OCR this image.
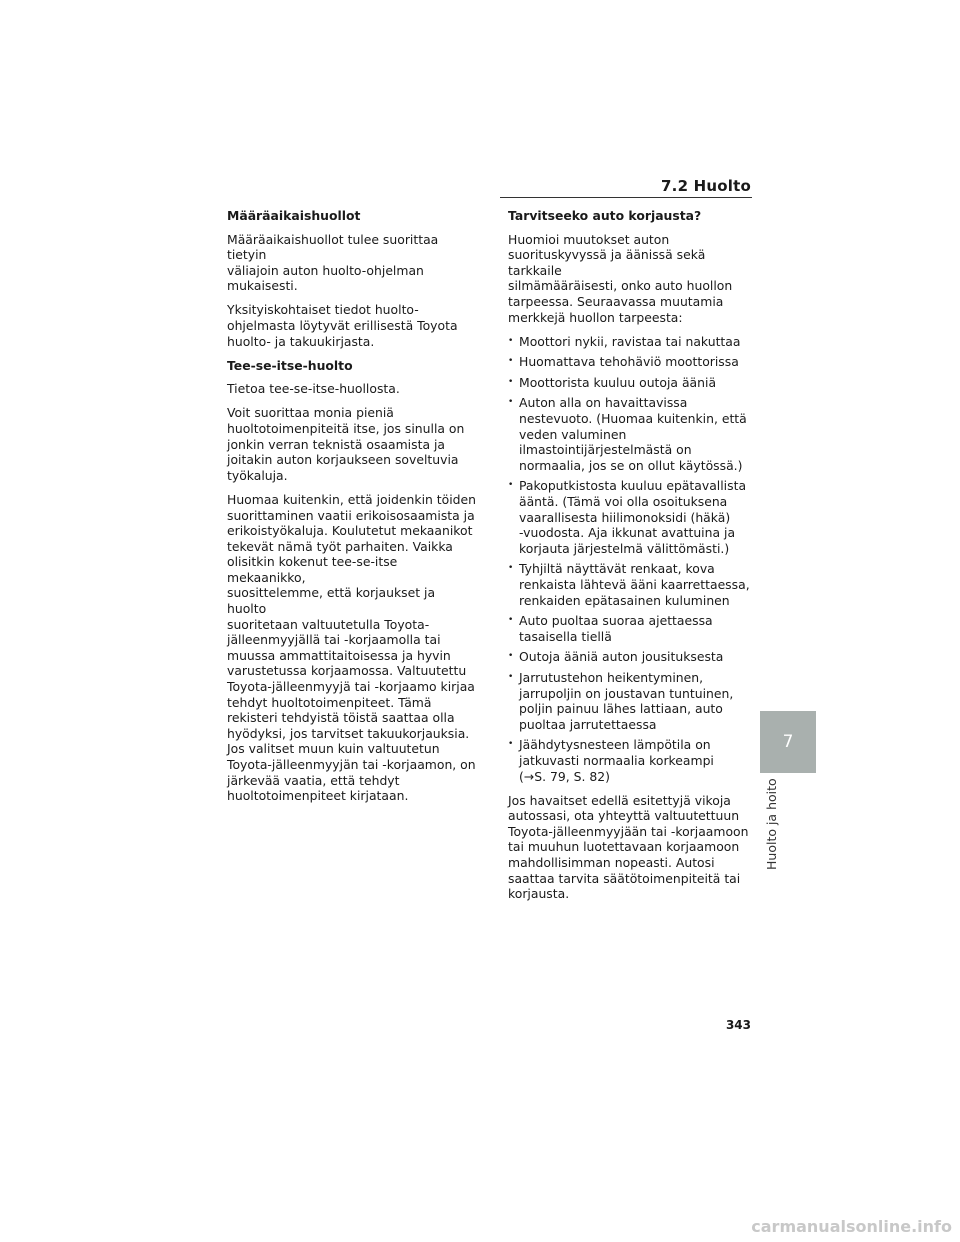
7.2 Huolto
Määräaikaishuollot

Määräaikaishuollot tulee suorittaa tietyin
väliajoin auton huolto-ohjelman
mukaisesti.

Yksityiskohtaiset tiedot huolto-
ohjelmasta löytyvät erillisestä Toyota
huolto- ja takuukirjasta.

Tee-se-itse-huolto

Tietoa tee-se-itse-huollosta.

Voit suorittaa monia pieniä
huoltotoimenpiteitä itse, jos sinulla on
jonkin verran teknistä osaamista ja
joitakin auton korjaukseen soveltuvia
työkaluja.

Huomaa kuitenkin, että joidenkin töiden
suorittaminen vaatii erikoisosaamista ja
erikoistyökaluja. Koulutetut mekaanikot
tekevät nämä työt parhaiten. Vaikka
olisitkin kokenut tee-se-itse mekaanikko,
suosittelemme, että korjaukset ja huolto
suoritetaan valtuutetulla Toyota-
jälleenmyyjällä tai -korjaamolla tai
muussa ammattitaitoisessa ja hyvin
varustetussa korjaamossa. Valtuutettu
Toyota-jälleenmyyjä tai -korjaamo kirjaa
tehdyt huoltotoimenpiteet. Tämä
rekisteri tehdyistä töistä saattaa olla
hyödyksi, jos tarvitset takuukorjauksia.
Jos valitset muun kuin valtuutetun
Toyota-jälleenmyyjän tai -korjaamon, on
järkevää vaatia, että tehdyt
huoltotoimenpiteet kirjataan.

Tarvitseeko auto korjausta?

Huomioi muutokset auton
suorituskyvyssä ja äänissä sekä tarkkaile
silmämääräisesti, onko auto huollon
tarpeessa. Seuraavassa muutamia
merkkejä huollon tarpeesta:

• Moottori nykii, ravistaa tai nakuttaa
• Huomattava tehohäviö moottorissa
• Moottorista kuuluu outoja ääniä
• Auton alla on havaittavissa
nestevuoto. (Huomaa kuitenkin, että
veden valuminen
ilmastointijärjestelmästä on
normaalia, jos se on ollut käytössä.)
• Pakoputkistosta kuuluu epätavallista
ääntä. (Tämä voi olla osoituksena
vaarallisesta hiilimonoksidi (häkä)
-vuodosta. Aja ikkunat avattuina ja
korjauta järjestelmä välittömästi.)
• Tyhjiltä näyttävät renkaat, kova
renkaista lähtevä ääni kaarrettaessa,
renkaiden epätasainen kuluminen
• Auto puoltaa suoraa ajettaessa
tasaisella tiellä
• Outoja ääniä auton jousituksesta
• Jarrutustehon heikentyminen,
jarrupoljin on joustavan tuntuinen,
poljin painuu lähes lattiaan, auto
puoltaa jarrutettaessa
• Jäähdytysnesteen lämpötila on
jatkuvasti normaalia korkeampi
(→S. 79, S. 82)

Jos havaitset edellä esitettyjä vikoja
autossasi, ota yhteyttä valtuutettuun
Toyota-jälleenmyyjään tai -korjaamoon
tai muuhun luotettavaan korjaamoon
mahdollisimman nopeasti. Autosi
saattaa tarvita säätötoimenpiteitä tai
korjausta.

7
Huolto ja hoito
343
carmanualsonline.info
